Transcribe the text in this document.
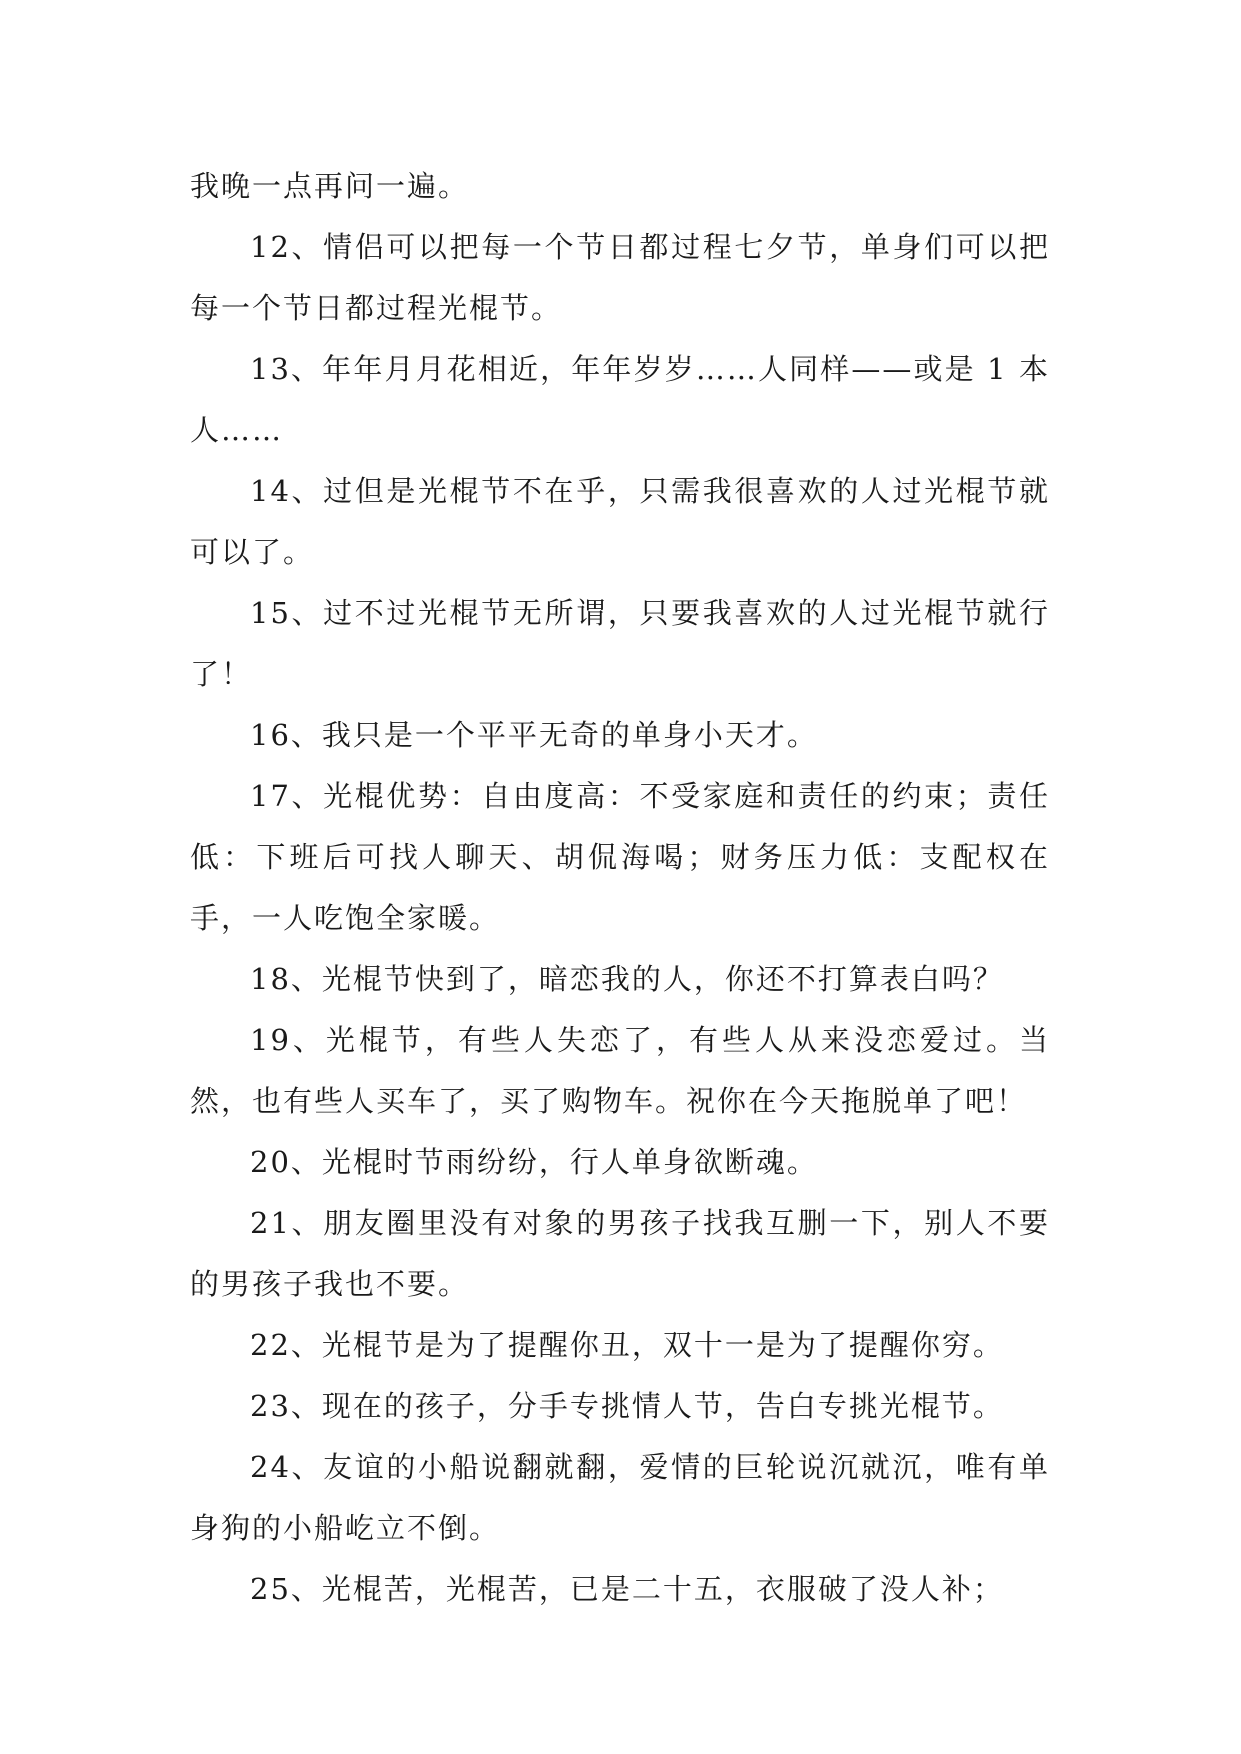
我晚一点再问一遍。

12、情侣可以把每一个节日都过程七夕节，单身们可以把每一个节日都过程光棍节。

13、年年月月花相近，年年岁岁……人同样——或是 1 本人……

14、过但是光棍节不在乎，只需我很喜欢的人过光棍节就可以了。

15、过不过光棍节无所谓，只要我喜欢的人过光棍节就行了！

16、我只是一个平平无奇的单身小天才。

17、光棍优势：自由度高：不受家庭和责任的约束；责任低：下班后可找人聊天、胡侃海喝；财务压力低：支配权在手，一人吃饱全家暖。

18、光棍节快到了，暗恋我的人，你还不打算表白吗？

19、光棍节，有些人失恋了，有些人从来没恋爱过。当然，也有些人买车了，买了购物车。祝你在今天拖脱单了吧！

20、光棍时节雨纷纷，行人单身欲断魂。

21、朋友圈里没有对象的男孩子找我互删一下，别人不要的男孩子我也不要。

22、光棍节是为了提醒你丑，双十一是为了提醒你穷。

23、现在的孩子，分手专挑情人节，告白专挑光棍节。

24、友谊的小船说翻就翻，爱情的巨轮说沉就沉，唯有单身狗的小船屹立不倒。

25、光棍苦，光棍苦，已是二十五，衣服破了没人补；
